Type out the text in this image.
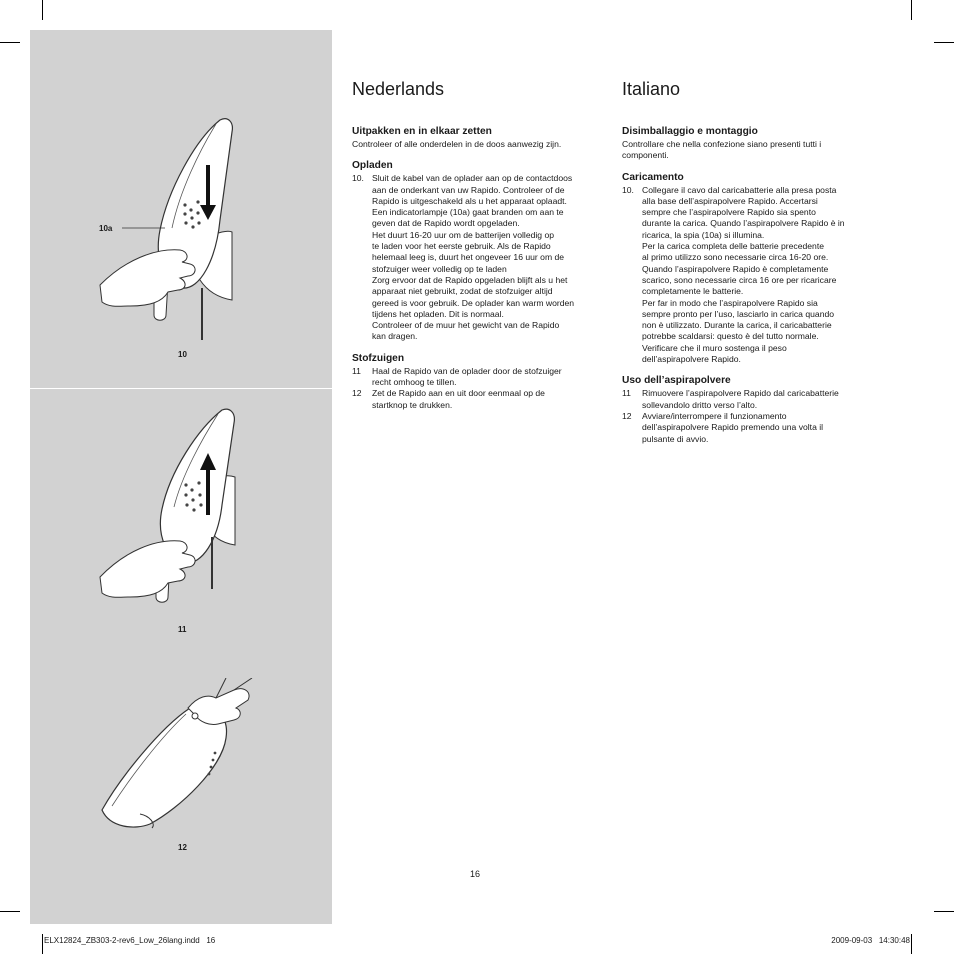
10a
10
11
12
Nederlands
Uitpakken en in elkaar zetten

Controleer of alle onderdelen in de doos aanwezig zijn.

Opladen
10. Sluit de kabel van de oplader aan op de contactdoos
aan de onderkant van uw Rapido. Controleer of de
Rapido is uitgeschakeld als u het apparaat oplaadt.
Een indicatorlampje (10a) gaat branden om aan te
geven dat de Rapido wordt opgeladen.
Het duurt 16-20 uur om de batterijen volledig op
te laden voor het eerste gebruik. Als de Rapido
helemaal leeg is, duurt het ongeveer 16 uur om de
stofzuiger weer volledig op te laden
Zorg ervoor dat de Rapido opgeladen blijft als u het
apparaat niet gebruikt, zodat de stofzuiger altijd
gereed is voor gebruik. De oplader kan warm worden
tijdens het opladen. Dit is normaal.
Controleer of de muur het gewicht van de Rapido
kan dragen.
Stofzuigen
11	Haal de Rapido van de oplader door de stofzuiger
recht omhoog te tillen.
12	Zet de Rapido aan en uit door eenmaal op de
startknop te drukken.
Italiano
Disimballaggio e montaggio

Controllare che nella confezione siano presenti tutti i
componenti.

Caricamento
10. Collegare il cavo dal caricabatterie alla presa posta
alla base dell’aspirapolvere Rapido. Accertarsi
sempre che l’aspirapolvere Rapido sia spento
durante la carica. Quando l’aspirapolvere Rapido è in
ricarica, la spia (10a) si illumina.
Per la carica completa delle batterie precedente
al primo utilizzo sono necessarie circa 16-20 ore.
Quando l’aspirapolvere Rapido è completamente
scarico, sono necessarie circa 16 ore per ricaricare
completamente le batterie.
Per far in modo che l’aspirapolvere Rapido sia
sempre pronto per l’uso, lasciarlo in carica quando
non è utilizzato. Durante la carica, il caricabatterie
potrebbe scaldarsi: questo è del tutto normale.
Verificare che il muro sostenga il peso
dell’aspirapolvere Rapido.
Uso dell’aspirapolvere
11	Rimuovere l’aspirapolvere Rapido dal caricabatterie
sollevandolo dritto verso l’alto.
12	Avviare/interrompere il funzionamento
dell’aspirapolvere Rapido premendo una volta il
pulsante di avvio.
16
ELX12824_ZB303-2-rev6_Low_26lang.indd   16	2009-09-03   14:30:48
